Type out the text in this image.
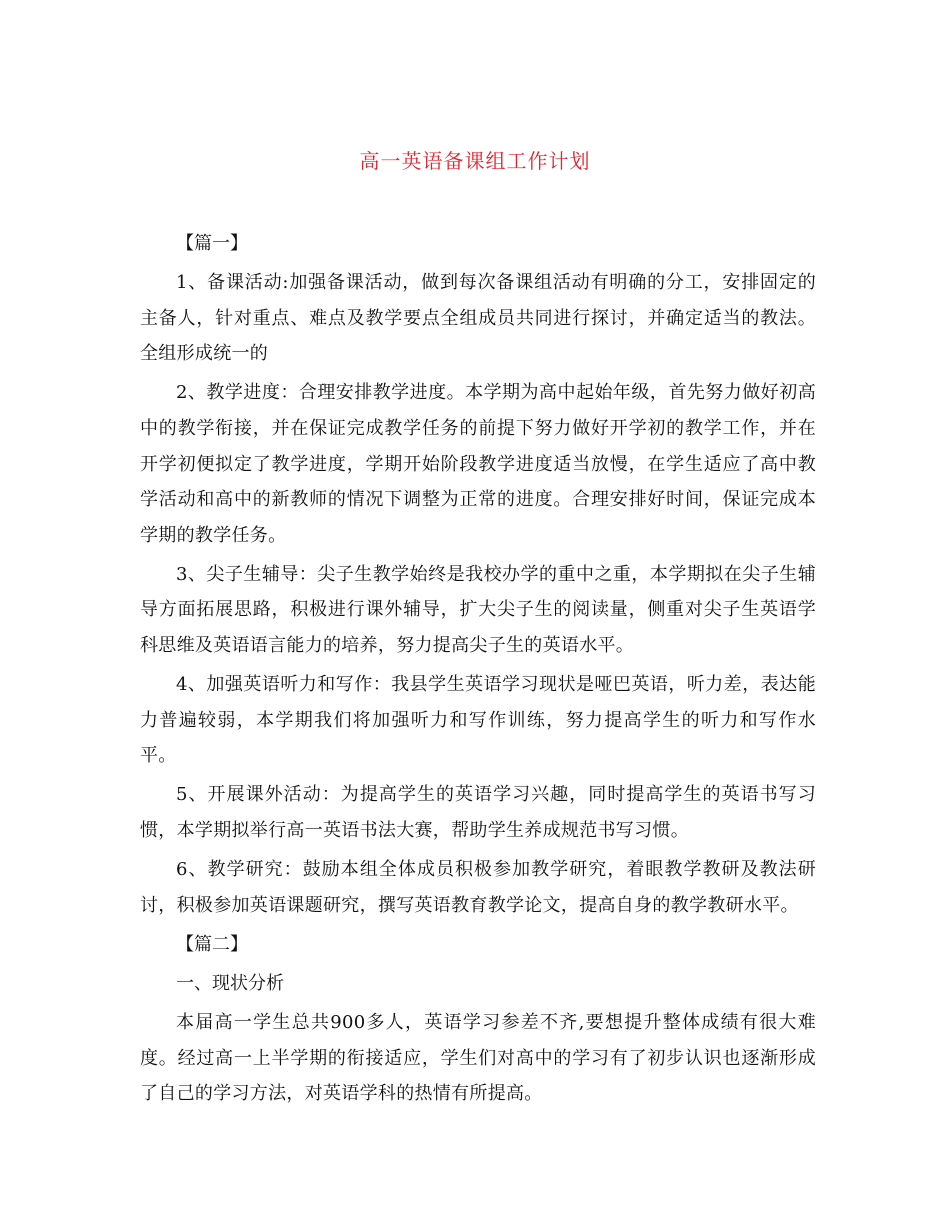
高一英语备课组工作计划

【篇一】

1、备课活动:加强备课活动，做到每次备课组活动有明确的分工，安排固定的主备人，针对重点、难点及教学要点全组成员共同进行探讨，并确定适当的教法。全组形成统一的

2、教学进度：合理安排教学进度。本学期为高中起始年级，首先努力做好初高中的教学衔接，并在保证完成教学任务的前提下努力做好开学初的教学工作，并在开学初便拟定了教学进度，学期开始阶段教学进度适当放慢，在学生适应了高中教学活动和高中的新教师的情况下调整为正常的进度。合理安排好时间，保证完成本学期的教学任务。

3、尖子生辅导：尖子生教学始终是我校办学的重中之重，本学期拟在尖子生辅导方面拓展思路，积极进行课外辅导，扩大尖子生的阅读量，侧重对尖子生英语学科思维及英语语言能力的培养，努力提高尖子生的英语水平。

4、加强英语听力和写作：我县学生英语学习现状是哑巴英语，听力差，表达能力普遍较弱，本学期我们将加强听力和写作训练，努力提高学生的听力和写作水平。

5、开展课外活动：为提高学生的英语学习兴趣，同时提高学生的英语书写习惯，本学期拟举行高一英语书法大赛，帮助学生养成规范书写习惯。

6、教学研究：鼓励本组全体成员积极参加教学研究，着眼教学教研及教法研讨，积极参加英语课题研究，撰写英语教育教学论文，提高自身的教学教研水平。

【篇二】

一、现状分析

本届高一学生总共900多人，英语学习参差不齐,要想提升整体成绩有很大难度。经过高一上半学期的衔接适应，学生们对高中的学习有了初步认识也逐渐形成了自己的学习方法，对英语学科的热情有所提高。
